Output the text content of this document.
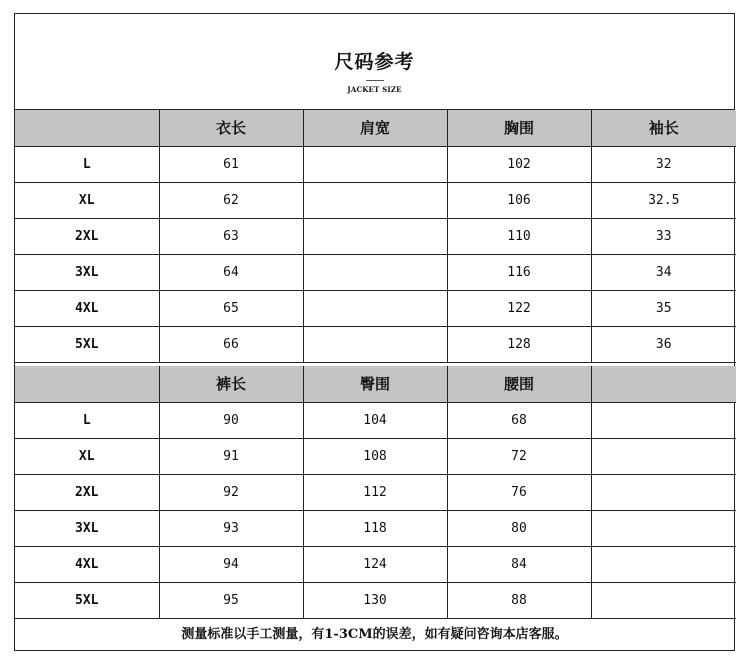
尺码参考
JACKET SIZE
	衣长	肩宽	胸围	袖长
L	61		102	32
XL	62		106	32.5
2XL	63		110	33
3XL	64		116	34
4XL	65		122	35
5XL	66		128	36
	裤长	臀围	腰围	
L	90	104	68	
XL	91	108	72	
2XL	92	112	76	
3XL	93	118	80	
4XL	94	124	84	
5XL	95	130	88	
测量标准以手工测量，有1-3CM的误差，如有疑问咨询本店客服。
